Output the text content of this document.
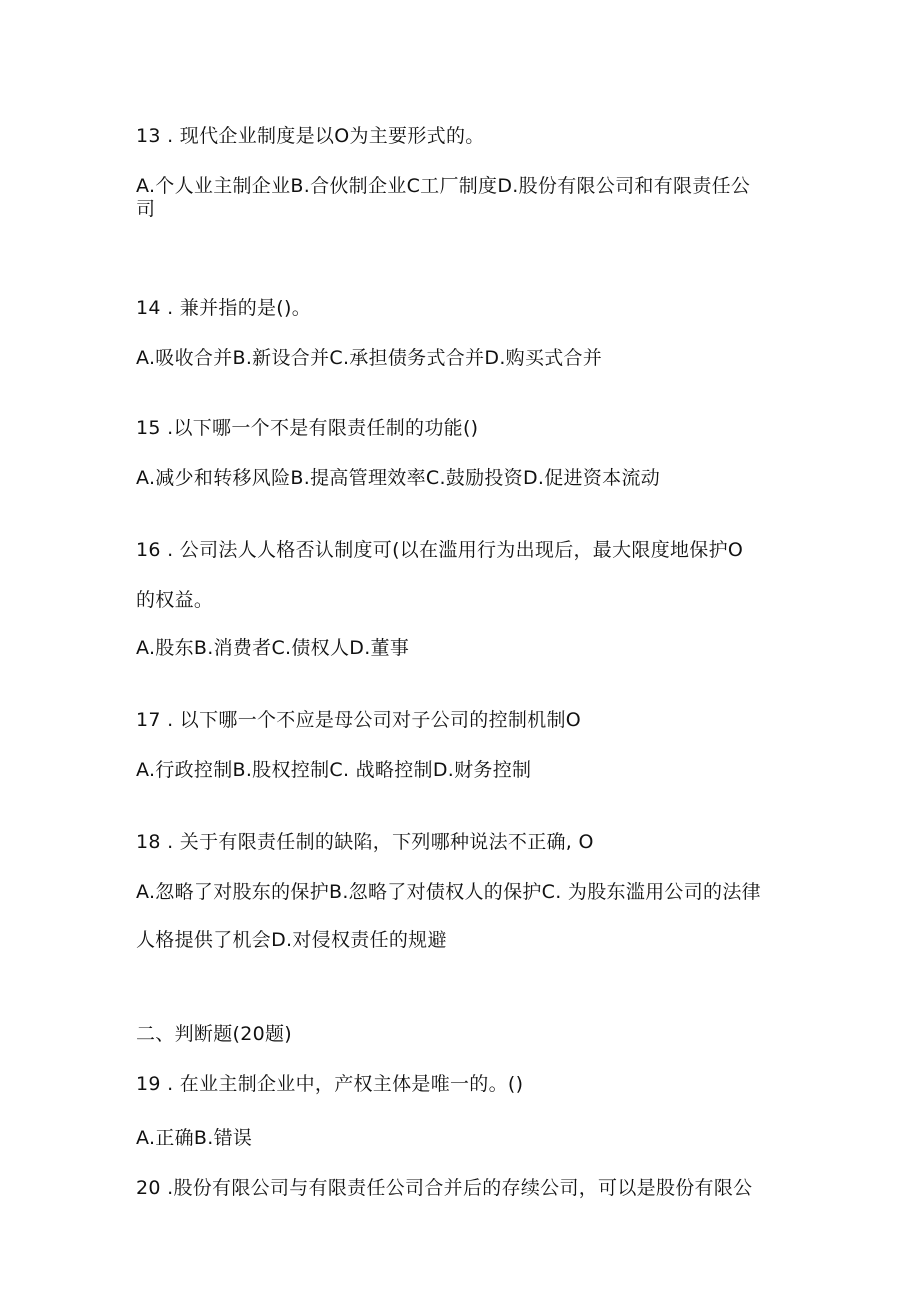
13 . 现代企业制度是以O为主要形式的。
A.个人业主制企业B.合伙制企业C工厂制度D.股份有限公司和有限责任公
司
14 . 兼并指的是()。
A.吸收合并B.新设合并C.承担债务式合并D.购买式合并
15 .以下哪一个不是有限责任制的功能()
A.减少和转移风险B.提高管理效率C.鼓励投资D.促进资本流动
16 . 公司法人人格否认制度可(以在滥用行为出现后，最大限度地保护O
的权益。
A.股东B.消费者C.债权人D.董事
17 . 以下哪一个不应是母公司对子公司的控制机制O
A.行政控制B.股权控制C. 战略控制D.财务控制
18 . 关于有限责任制的缺陷，下列哪种说法不正确, O
A.忽略了对股东的保护B.忽略了对债权人的保护C. 为股东滥用公司的法律
人格提供了机会D.对侵权责任的规避
二、判断题(20题)
19 . 在业主制企业中，产权主体是唯一的。()
A.正确B.错误
20 .股份有限公司与有限责任公司合并后的存续公司，可以是股份有限公
